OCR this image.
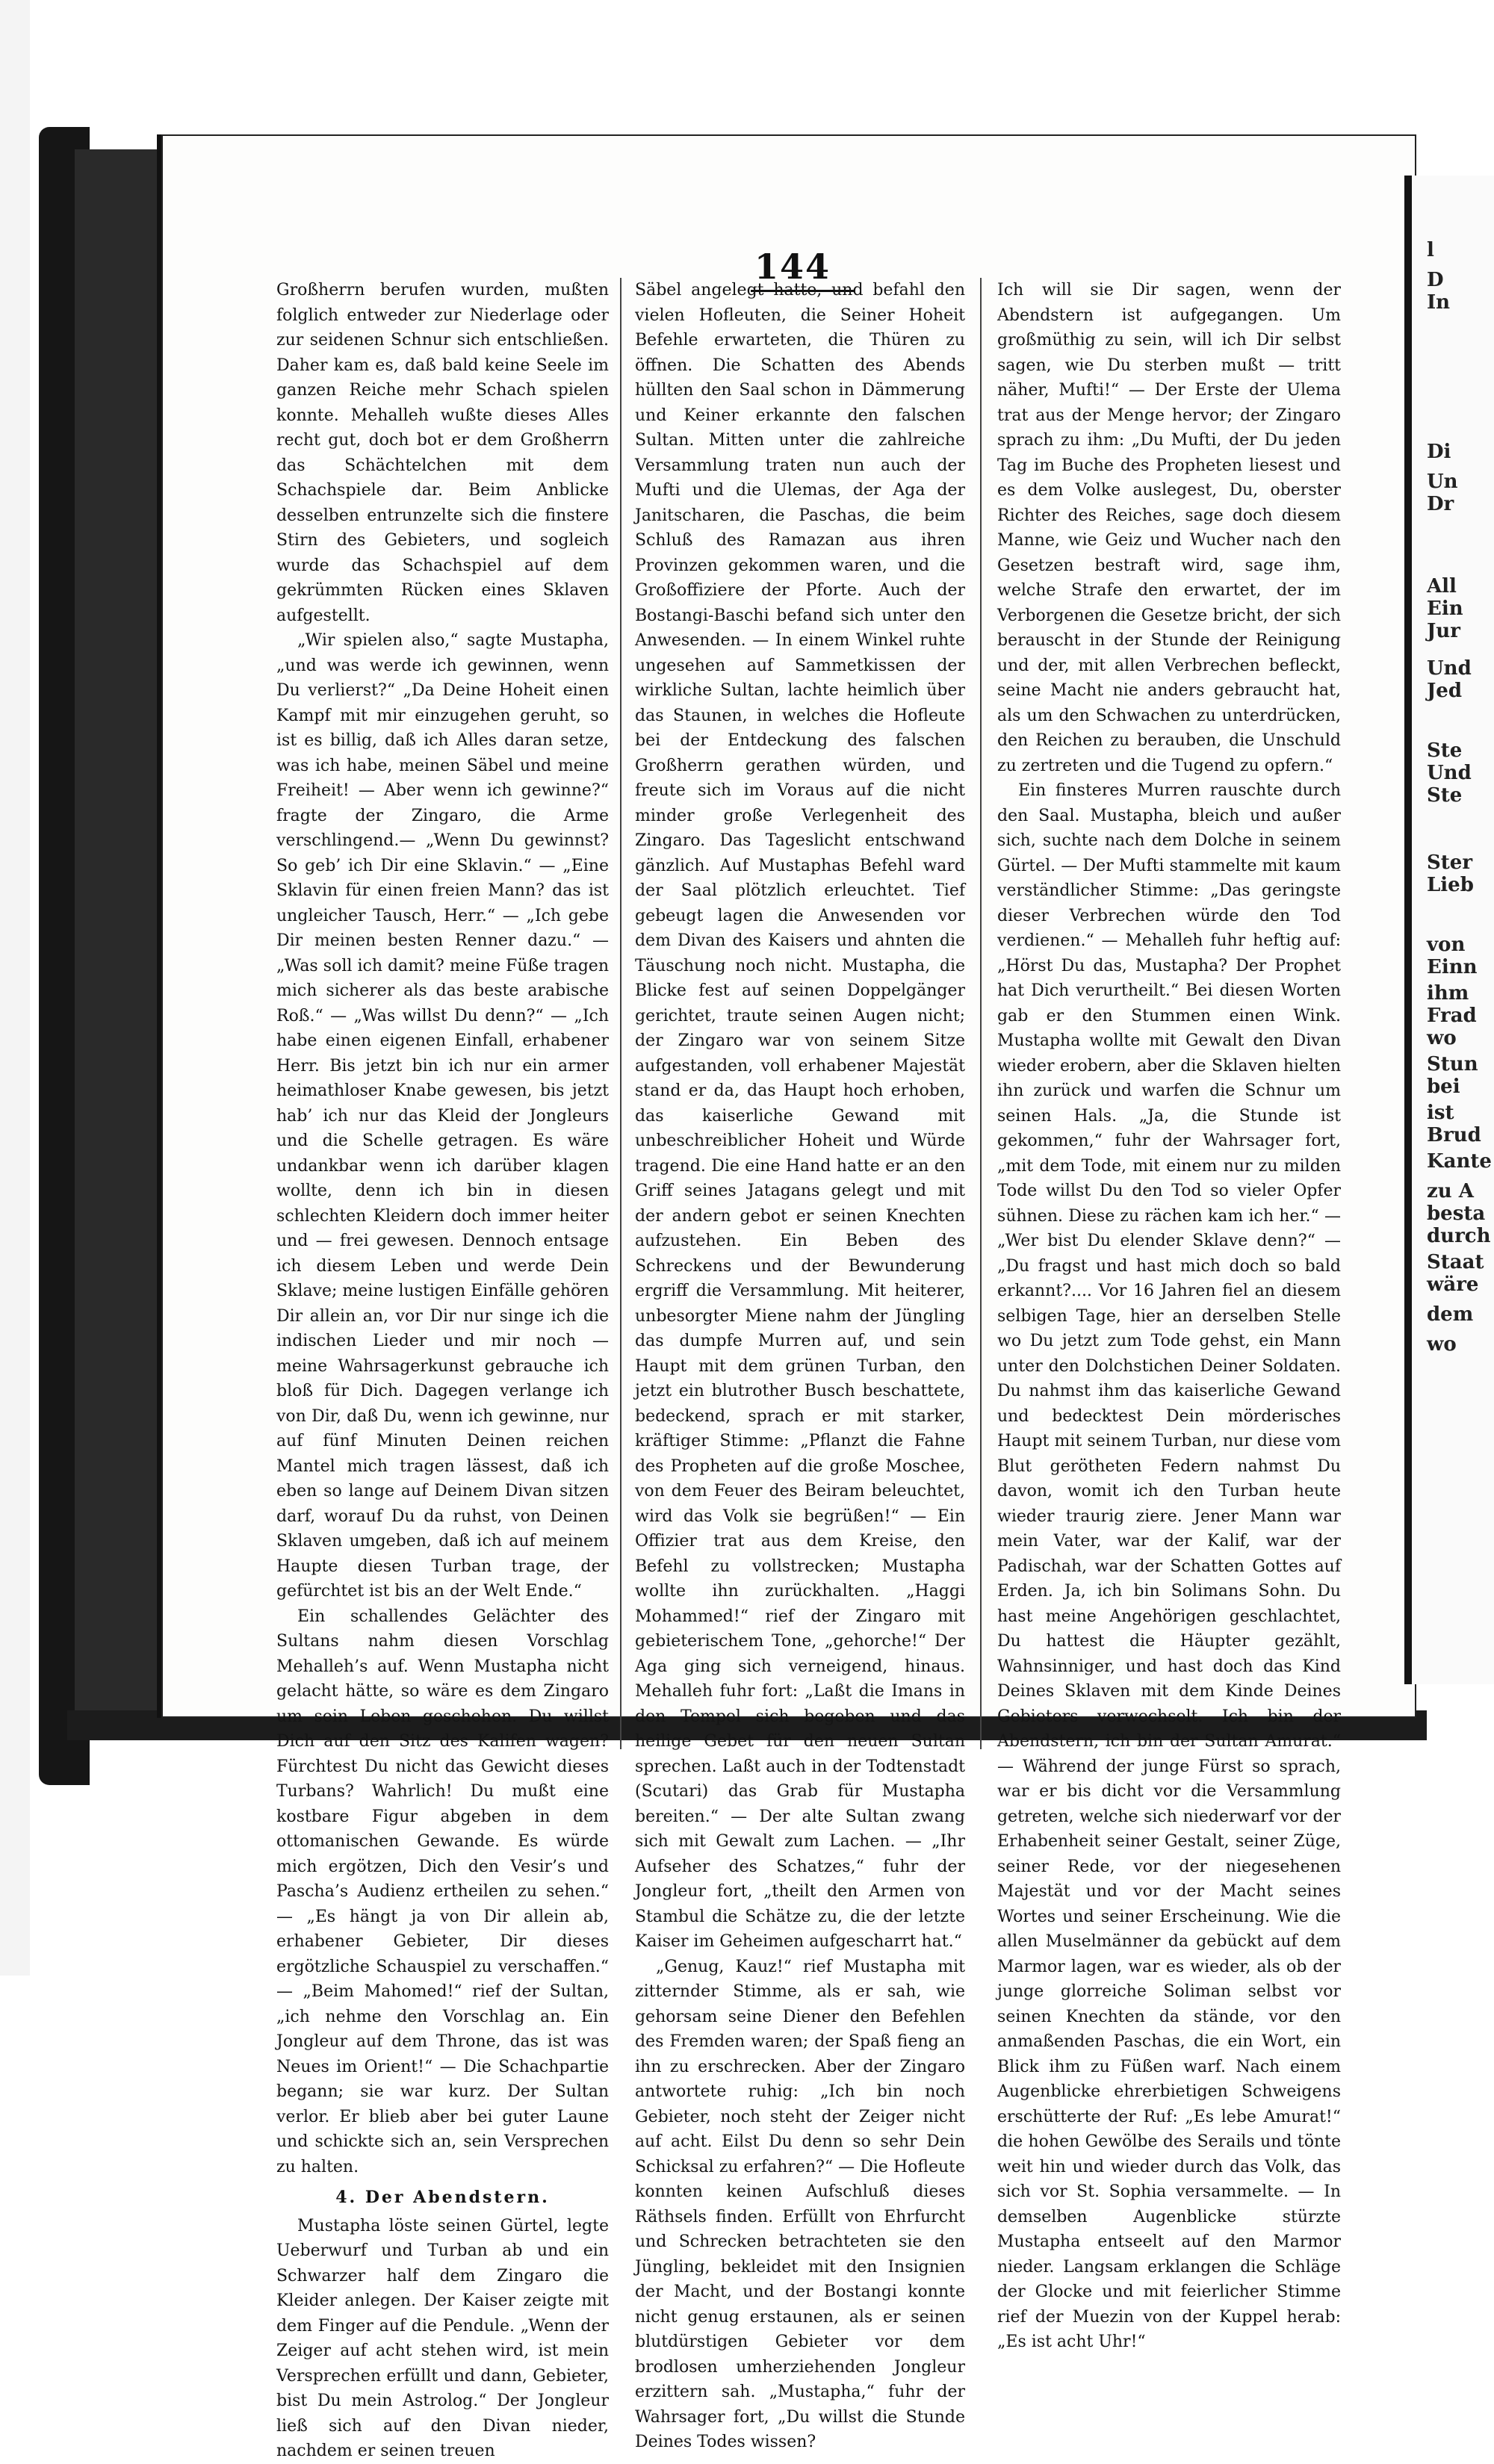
144

Großherrn berufen wurden, mußten folglich entweder zur Niederlage oder zur seidenen Schnur sich entschließen. Daher kam es, daß bald keine Seele im ganzen Reiche mehr Schach spielen konnte. Mehalleh wußte dieses Alles recht gut, doch bot er dem Großherrn das Schächtelchen mit dem Schachspiele dar. Beim Anblicke desselben entrunzelte sich die finstere Stirn des Gebieters, und sogleich wurde das Schachspiel auf dem gekrümmten Rücken eines Sklaven aufgestellt.

„Wir spielen also,“ sagte Mustapha, „und was werde ich gewinnen, wenn Du verlierst?“ „Da Deine Hoheit einen Kampf mit mir einzugehen geruht, so ist es billig, daß ich Alles daran setze, was ich habe, meinen Säbel und meine Freiheit! — Aber wenn ich gewinne?“ fragte der Zingaro, die Arme verschlingend.— „Wenn Du gewinnst? So geb’ ich Dir eine Sklavin.“ — „Eine Sklavin für einen freien Mann? das ist ungleicher Tausch, Herr.“ — „Ich gebe Dir meinen besten Renner dazu.“ — „Was soll ich damit? meine Füße tragen mich sicherer als das beste arabische Roß.“ — „Was willst Du denn?“ — „Ich habe einen eigenen Einfall, erhabener Herr. Bis jetzt bin ich nur ein armer heimathloser Knabe gewesen, bis jetzt hab’ ich nur das Kleid der Jongleurs und die Schelle getragen. Es wäre undankbar wenn ich darüber klagen wollte, denn ich bin in diesen schlechten Kleidern doch immer heiter und — frei gewesen. Dennoch entsage ich diesem Leben und werde Dein Sklave; meine lustigen Einfälle gehören Dir allein an, vor Dir nur singe ich die indischen Lieder und mir noch — meine Wahrsagerkunst gebrauche ich bloß für Dich. Dagegen verlange ich von Dir, daß Du, wenn ich gewinne, nur auf fünf Minuten Deinen reichen Mantel mich tragen lässest, daß ich eben so lange auf Deinem Divan sitzen darf, worauf Du da ruhst, von Deinen Sklaven umgeben, daß ich auf meinem Haupte diesen Turban trage, der gefürchtet ist bis an der Welt Ende.“

Ein schallendes Gelächter des Sultans nahm diesen Vorschlag Mehalleh’s auf. Wenn Mustapha nicht gelacht hätte, so wäre es dem Zingaro um sein Leben geschehen. Du willst Dich auf den Sitz des Kalifen wagen? Fürchtest Du nicht das Gewicht dieses Turbans? Wahrlich! Du mußt eine kostbare Figur abgeben in dem ottomanischen Gewande. Es würde mich ergötzen, Dich den Vesir’s und Pascha’s Audienz ertheilen zu sehen.“ — „Es hängt ja von Dir allein ab, erhabener Gebieter, Dir dieses ergötzliche Schauspiel zu verschaffen.“ — „Beim Mahomed!“ rief der Sultan, „ich nehme den Vorschlag an. Ein Jongleur auf dem Throne, das ist was Neues im Orient!“ — Die Schachpartie begann; sie war kurz. Der Sultan verlor. Er blieb aber bei guter Laune und schickte sich an, sein Versprechen zu halten.

4. Der Abendstern.

Mustapha löste seinen Gürtel, legte Ueberwurf und Turban ab und ein Schwarzer half dem Zingaro die Kleider anlegen. Der Kaiser zeigte mit dem Finger auf die Pendule. „Wenn der Zeiger auf acht stehen wird, ist mein Versprechen erfüllt und dann, Gebieter, bist Du mein Astrolog.“ Der Jongleur ließ sich auf den Divan nieder, nachdem er seinen treuen

Säbel angelegt hatte, und befahl den vielen Hofleuten, die Seiner Hoheit Befehle erwarteten, die Thüren zu öffnen. Die Schatten des Abends hüllten den Saal schon in Dämmerung und Keiner erkannte den falschen Sultan. Mitten unter die zahlreiche Versammlung traten nun auch der Mufti und die Ulemas, der Aga der Janitscharen, die Paschas, die beim Schluß des Ramazan aus ihren Provinzen gekommen waren, und die Großoffiziere der Pforte. Auch der Bostangi-Baschi befand sich unter den Anwesenden. — In einem Winkel ruhte ungesehen auf Sammetkissen der wirkliche Sultan, lachte heimlich über das Staunen, in welches die Hofleute bei der Entdeckung des falschen Großherrn gerathen würden, und freute sich im Voraus auf die nicht minder große Verlegenheit des Zingaro. Das Tageslicht entschwand gänzlich. Auf Mustaphas Befehl ward der Saal plötzlich erleuchtet. Tief gebeugt lagen die Anwesenden vor dem Divan des Kaisers und ahnten die Täuschung noch nicht. Mustapha, die Blicke fest auf seinen Doppelgänger gerichtet, traute seinen Augen nicht; der Zingaro war von seinem Sitze aufgestanden, voll erhabener Majestät stand er da, das Haupt hoch erhoben, das kaiserliche Gewand mit unbeschreiblicher Hoheit und Würde tragend. Die eine Hand hatte er an den Griff seines Jatagans gelegt und mit der andern gebot er seinen Knechten aufzustehen. Ein Beben des Schreckens und der Bewunderung ergriff die Versammlung. Mit heiterer, unbesorgter Miene nahm der Jüngling das dumpfe Murren auf, und sein Haupt mit dem grünen Turban, den jetzt ein blutrother Busch beschattete, bedeckend, sprach er mit starker, kräftiger Stimme: „Pflanzt die Fahne des Propheten auf die große Moschee, von dem Feuer des Beiram beleuchtet, wird das Volk sie begrüßen!“ — Ein Offizier trat aus dem Kreise, den Befehl zu vollstrecken; Mustapha wollte ihn zurückhalten. „Haggi Mohammed!“ rief der Zingaro mit gebieterischem Tone, „gehorche!“ Der Aga ging sich verneigend, hinaus. Mehalleh fuhr fort: „Laßt die Imans in den Tempel sich begeben und das heilige Gebet für den neuen Sultan sprechen. Laßt auch in der Todtenstadt (Scutari) das Grab für Mustapha bereiten.“ — Der alte Sultan zwang sich mit Gewalt zum Lachen. — „Ihr Aufseher des Schatzes,“ fuhr der Jongleur fort, „theilt den Armen von Stambul die Schätze zu, die der letzte Kaiser im Geheimen aufgescharrt hat.“

„Genug, Kauz!“ rief Mustapha mit zitternder Stimme, als er sah, wie gehorsam seine Diener den Befehlen des Fremden waren; der Spaß fieng an ihn zu erschrecken. Aber der Zingaro antwortete ruhig: „Ich bin noch Gebieter, noch steht der Zeiger nicht auf acht. Eilst Du denn so sehr Dein Schicksal zu erfahren?“ — Die Hofleute konnten keinen Aufschluß dieses Räthsels finden. Erfüllt von Ehrfurcht und Schrecken betrachteten sie den Jüngling, bekleidet mit den Insignien der Macht, und der Bostangi konnte nicht genug erstaunen, als er seinen blutdürstigen Gebieter vor dem brodlosen umherziehenden Jongleur erzittern sah. „Mustapha,“ fuhr der Wahrsager fort, „Du willst die Stunde Deines Todes wissen?

Ich will sie Dir sagen, wenn der Abendstern ist aufgegangen. Um großmüthig zu sein, will ich Dir selbst sagen, wie Du sterben mußt — tritt näher, Mufti!“ — Der Erste der Ulema trat aus der Menge hervor; der Zingaro sprach zu ihm: „Du Mufti, der Du jeden Tag im Buche des Propheten liesest und es dem Volke auslegest, Du, oberster Richter des Reiches, sage doch diesem Manne, wie Geiz und Wucher nach den Gesetzen bestraft wird, sage ihm, welche Strafe den erwartet, der im Verborgenen die Gesetze bricht, der sich berauscht in der Stunde der Reinigung und der, mit allen Verbrechen befleckt, seine Macht nie anders gebraucht hat, als um den Schwachen zu unterdrücken, den Reichen zu berauben, die Unschuld zu zertreten und die Tugend zu opfern.“

Ein finsteres Murren rauschte durch den Saal. Mustapha, bleich und außer sich, suchte nach dem Dolche in seinem Gürtel. — Der Mufti stammelte mit kaum verständlicher Stimme: „Das geringste dieser Verbrechen würde den Tod verdienen.“ — Mehalleh fuhr heftig auf: „Hörst Du das, Mustapha? Der Prophet hat Dich verurtheilt.“ Bei diesen Worten gab er den Stummen einen Wink. Mustapha wollte mit Gewalt den Divan wieder erobern, aber die Sklaven hielten ihn zurück und warfen die Schnur um seinen Hals. „Ja, die Stunde ist gekommen,“ fuhr der Wahrsager fort, „mit dem Tode, mit einem nur zu milden Tode willst Du den Tod so vieler Opfer sühnen. Diese zu rächen kam ich her.“ — „Wer bist Du elender Sklave denn?“ — „Du fragst und hast mich doch so bald erkannt?.... Vor 16 Jahren fiel an diesem selbigen Tage, hier an derselben Stelle wo Du jetzt zum Tode gehst, ein Mann unter den Dolchstichen Deiner Soldaten. Du nahmst ihm das kaiserliche Gewand und bedecktest Dein mörderisches Haupt mit seinem Turban, nur diese vom Blut gerötheten Federn nahmst Du davon, womit ich den Turban heute wieder traurig ziere. Jener Mann war mein Vater, war der Kalif, war der Padischah, war der Schatten Gottes auf Erden. Ja, ich bin Solimans Sohn. Du hast meine Angehörigen geschlachtet, Du hattest die Häupter gezählt, Wahnsinniger, und hast doch das Kind Deines Sklaven mit dem Kinde Deines Gebieters verwechselt. Ich bin der Abendstern, ich bin der Sultan Amurat.“ — Während der junge Fürst so sprach, war er bis dicht vor die Versammlung getreten, welche sich niederwarf vor der Erhabenheit seiner Gestalt, seiner Züge, seiner Rede, vor der niegesehenen Majestät und vor der Macht seines Wortes und seiner Erscheinung. Wie die allen Muselmänner da gebückt auf dem Marmor lagen, war es wieder, als ob der junge glorreiche Soliman selbst vor seinen Knechten da stände, vor den anmaßenden Paschas, die ein Wort, ein Blick ihm zu Füßen warf. Nach einem Augenblicke ehrerbietigen Schweigens erschütterte der Ruf: „Es lebe Amurat!“ die hohen Gewölbe des Serails und tönte weit hin und wieder durch das Volk, das sich vor St. Sophia versammelte. — In demselben Augenblicke stürzte Mustapha entseelt auf den Marmor nieder. Langsam erklangen die Schläge der Glocke und mit feierlicher Stimme rief der Muezin von der Kuppel herab: „Es ist acht Uhr!“

l
D
In
Di
Un
Dr
All
Ein
Jur
Und
Jed
Ste
Und
Ste
Ster
Lieb
von
Einn
ihm
Frad
wo
Stun
bei
ist
Brud
Kante
zu A
besta
durch
Staat
wäre
dem
wo
